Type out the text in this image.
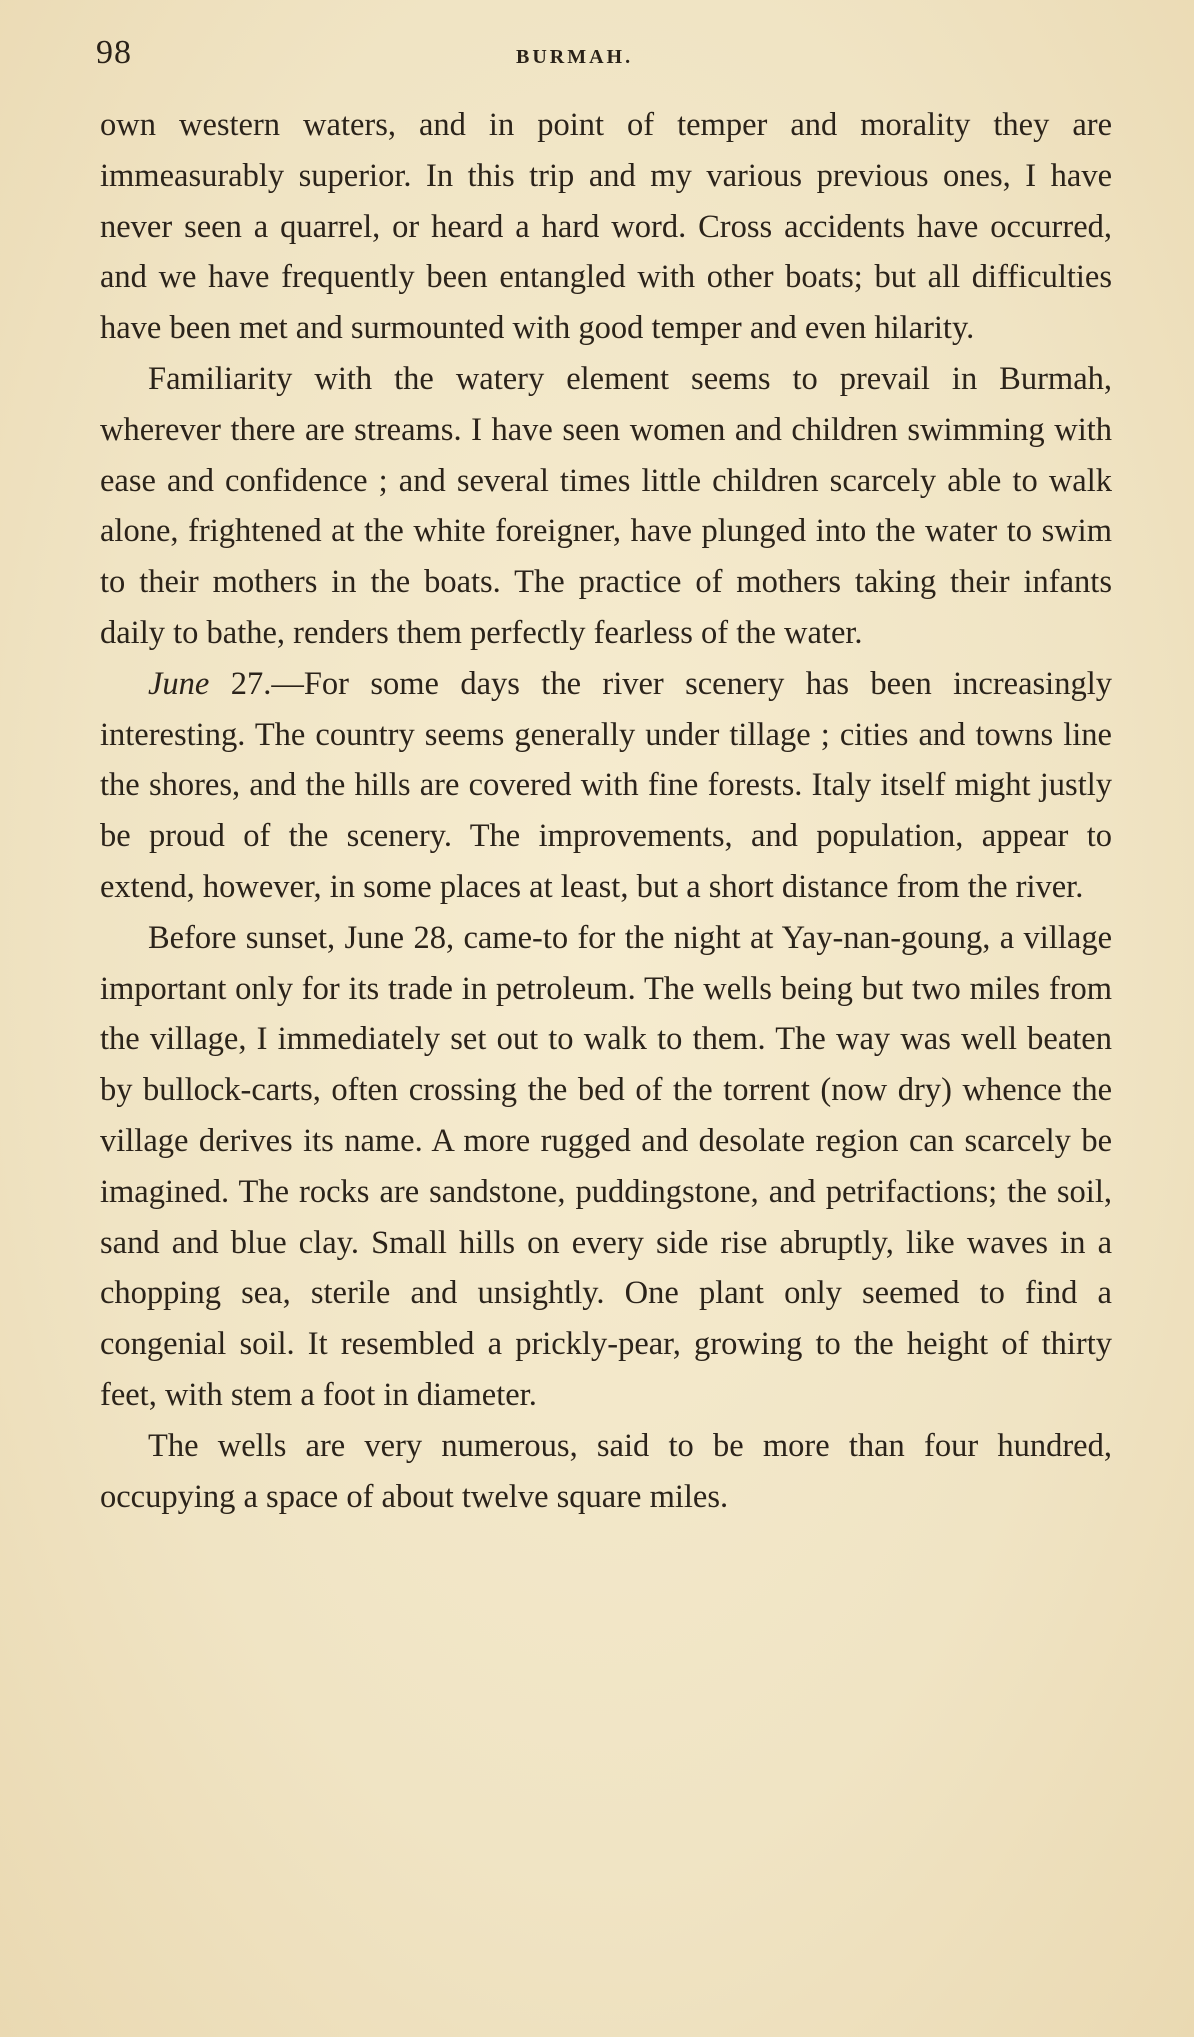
98	BURMAH.

own western waters, and in point of temper and morality they are immeasurably superior. In this trip and my various previous ones, I have never seen a quarrel, or heard a hard word. Cross accidents have occurred, and we have frequently been entangled with other boats; but all difficulties have been met and surmounted with good temper and even hilarity.

Familiarity with the watery element seems to prevail in Burmah, wherever there are streams. I have seen women and children swimming with ease and confidence ; and several times little children scarcely able to walk alone, frightened at the white foreigner, have plunged into the water to swim to their mothers in the boats. The practice of mothers taking their infants daily to bathe, renders them perfectly fearless of the water.

June 27.—For some days the river scenery has been increasingly interesting. The country seems generally under tillage ; cities and towns line the shores, and the hills are covered with fine forests. Italy itself might justly be proud of the scenery. The improvements, and population, appear to extend, however, in some places at least, but a short distance from the river.

Before sunset, June 28, came-to for the night at Yay-nan-goung, a village important only for its trade in petroleum. The wells being but two miles from the village, I immediately set out to walk to them. The way was well beaten by bullock-carts, often crossing the bed of the torrent (now dry) whence the village derives its name. A more rugged and desolate region can scarcely be imagined. The rocks are sandstone, puddingstone, and petrifactions; the soil, sand and blue clay. Small hills on every side rise abruptly, like waves in a chopping sea, sterile and unsightly. One plant only seemed to find a congenial soil. It resembled a prickly-pear, growing to the height of thirty feet, with stem a foot in diameter.

The wells are very numerous, said to be more than four hundred, occupying a space of about twelve square miles.
